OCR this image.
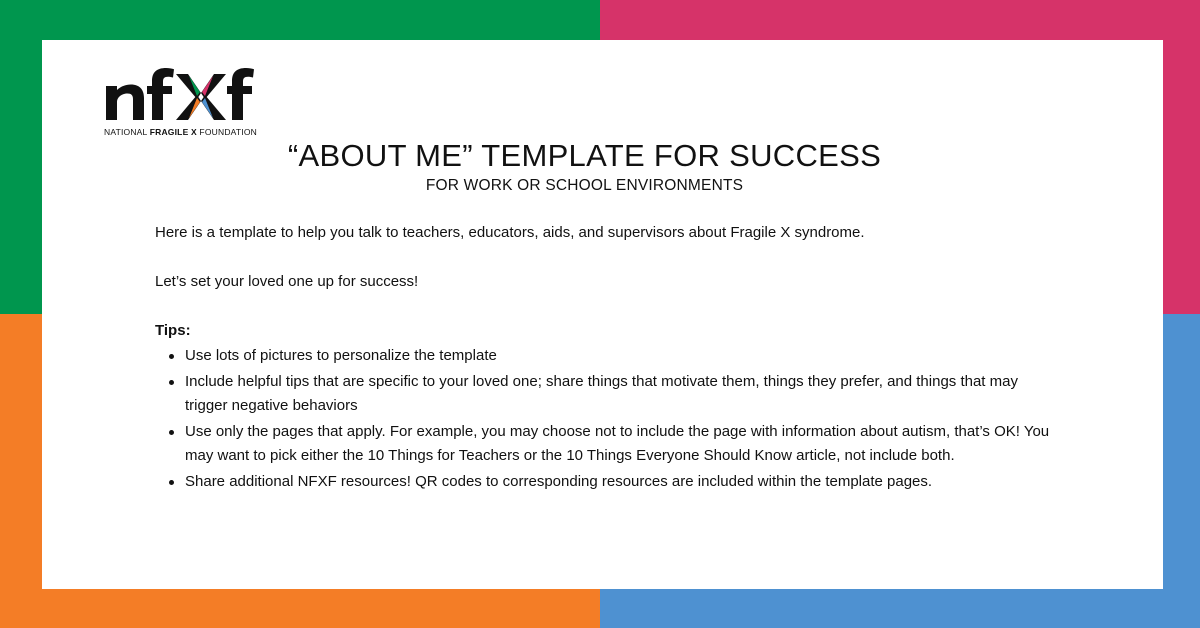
NATIONAL FRAGILE X FOUNDATION
“ABOUT ME” TEMPLATE FOR SUCCESS
FOR WORK OR SCHOOL ENVIRONMENTS

Here is a template to help you talk to teachers, educators, aids, and supervisors about Fragile X syndrome.

Let’s set your loved one up for success!

Tips:

Use lots of pictures to personalize the template
Include helpful tips that are specific to your loved one; share things that motivate them, things they prefer, and things that may trigger negative behaviors
Use only the pages that apply. For example, you may choose not to include the page with information about autism, that’s OK! You may want to pick either the 10 Things for Teachers or the 10 Things Everyone Should Know article, not include both.
Share additional NFXF resources! QR codes to corresponding resources are included within the template pages.
